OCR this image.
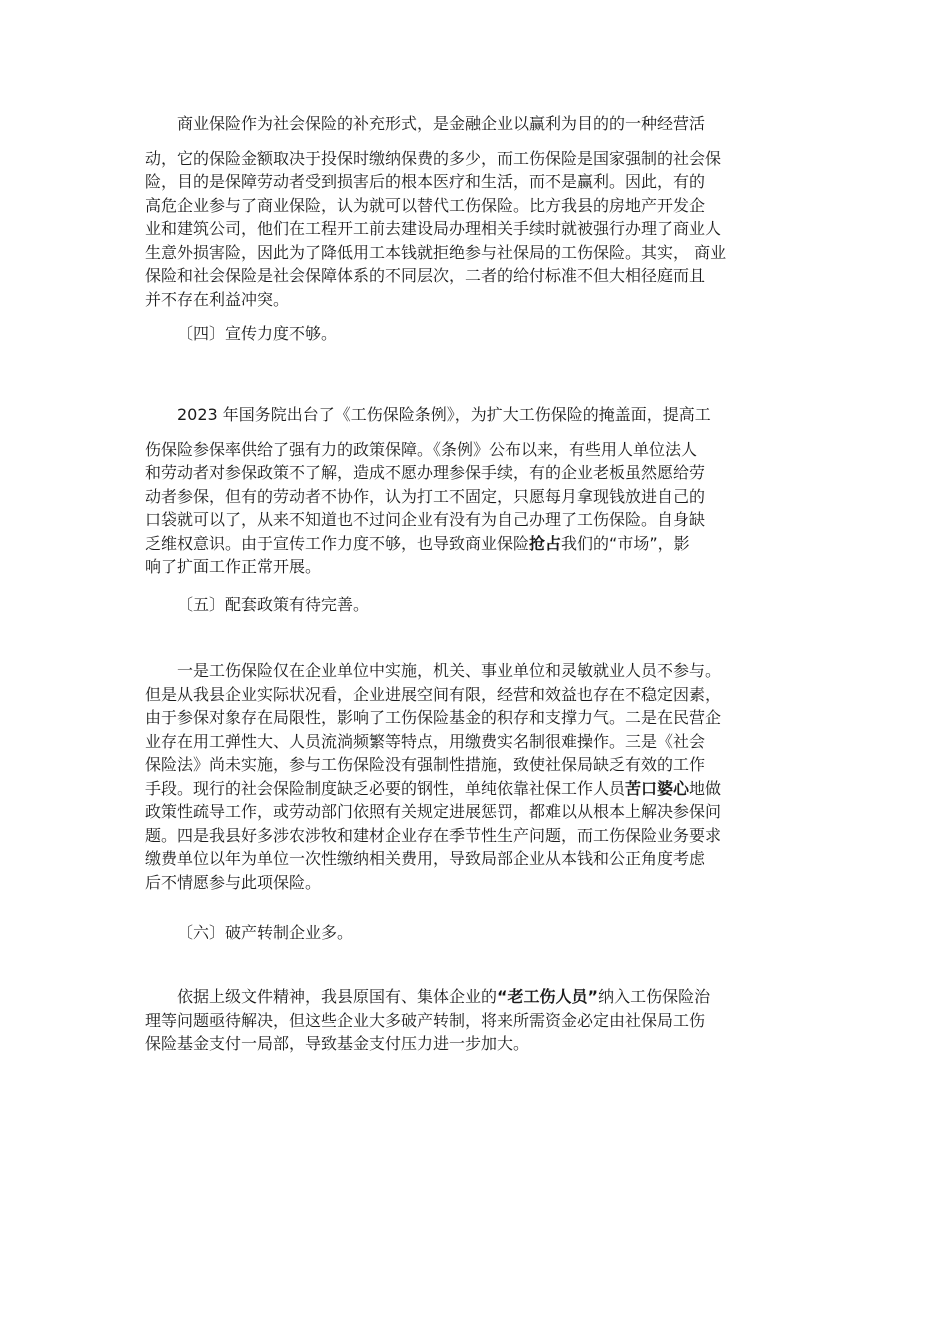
商业保险作为社会保险的补充形式，是金融企业以赢利为目的的一种经营活
动，它的保险金额取决于投保时缴纳保费的多少，而工伤保险是国家强制的社会保
险，目的是保障劳动者受到损害后的根本医疗和生活，而不是赢利。因此，有的
高危企业参与了商业保险，认为就可以替代工伤保险。比方我县的房地产开发企
业和建筑公司，他们在工程开工前去建设局办理相关手续时就被强行办理了商业人
生意外损害险，因此为了降低用工本钱就拒绝参与社保局的工伤保险。其实， 商业
保险和社会保险是社会保障体系的不同层次，二者的给付标准不但大相径庭而且
并不存在利益冲突。

〔四〕宣传力度不够。

2023 年国务院出台了《工伤保险条例》，为扩大工伤保险的掩盖面，提高工
伤保险参保率供给了强有力的政策保障。《条例》公布以来，有些用人单位法人
和劳动者对参保政策不了解，造成不愿办理参保手续，有的企业老板虽然愿给劳
动者参保，但有的劳动者不协作，认为打工不固定，只愿每月拿现钱放进自己的
口袋就可以了，从来不知道也不过问企业有没有为自己办理了工伤保险。自身缺
乏维权意识。由于宣传工作力度不够，也导致商业保险抢占我们的“市场”，影
响了扩面工作正常开展。

〔五〕配套政策有待完善。

一是工伤保险仅在企业单位中实施，机关、事业单位和灵敏就业人员不参与。
但是从我县企业实际状况看，企业进展空间有限，经营和效益也存在不稳定因素，
由于参保对象存在局限性，影响了工伤保险基金的积存和支撑力气。二是在民营企
业存在用工弹性大、人员流淌频繁等特点，用缴费实名制很难操作。三是《社会
保险法》尚未实施，参与工伤保险没有强制性措施，致使社保局缺乏有效的工作
手段。现行的社会保险制度缺乏必要的钢性，单纯依靠社保工作人员苦口婆心地做
政策性疏导工作，或劳动部门依照有关规定进展惩罚，都难以从根本上解决参保问
题。四是我县好多涉农涉牧和建材企业存在季节性生产问题，而工伤保险业务要求
缴费单位以年为单位一次性缴纳相关费用，导致局部企业从本钱和公正角度考虑
后不情愿参与此项保险。

〔六〕破产转制企业多。

依据上级文件精神，我县原国有、集体企业的“老工伤人员”纳入工伤保险治
理等问题亟待解决，但这些企业大多破产转制，将来所需资金必定由社保局工伤
保险基金支付一局部，导致基金支付压力进一步加大。
